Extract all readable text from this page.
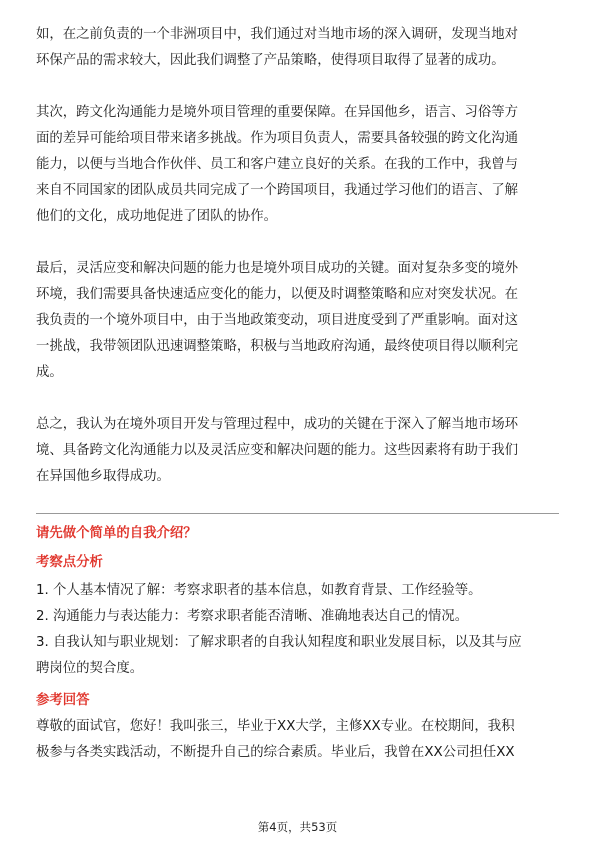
如，在之前负责的一个非洲项目中，我们通过对当地市场的深入调研，发现当地对
环保产品的需求较大，因此我们调整了产品策略，使得项目取得了显著的成功。
其次，跨文化沟通能力是境外项目管理的重要保障。在异国他乡，语言、习俗等方
面的差异可能给项目带来诸多挑战。作为项目负责人，需要具备较强的跨文化沟通
能力，以便与当地合作伙伴、员工和客户建立良好的关系。在我的工作中，我曾与
来自不同国家的团队成员共同完成了一个跨国项目，我通过学习他们的语言、了解
他们的文化，成功地促进了团队的协作。
最后，灵活应变和解决问题的能力也是境外项目成功的关键。面对复杂多变的境外
环境，我们需要具备快速适应变化的能力，以便及时调整策略和应对突发状况。在
我负责的一个境外项目中，由于当地政策变动，项目进度受到了严重影响。面对这
一挑战，我带领团队迅速调整策略，积极与当地政府沟通，最终使项目得以顺利完
成。
总之，我认为在境外项目开发与管理过程中，成功的关键在于深入了解当地市场环
境、具备跨文化沟通能力以及灵活应变和解决问题的能力。这些因素将有助于我们
在异国他乡取得成功。
请先做个简单的自我介绍？
考察点分析
1. 个人基本情况了解：考察求职者的基本信息，如教育背景、工作经验等。
2. 沟通能力与表达能力：考察求职者能否清晰、准确地表达自己的情况。
3. 自我认知与职业规划：了解求职者的自我认知程度和职业发展目标，以及其与应
聘岗位的契合度。
参考回答
尊敬的面试官，您好！我叫张三，毕业于XX大学，主修XX专业。在校期间，我积
极参与各类实践活动，不断提升自己的综合素质。毕业后，我曾在XX公司担任XX
第4页，共53页
